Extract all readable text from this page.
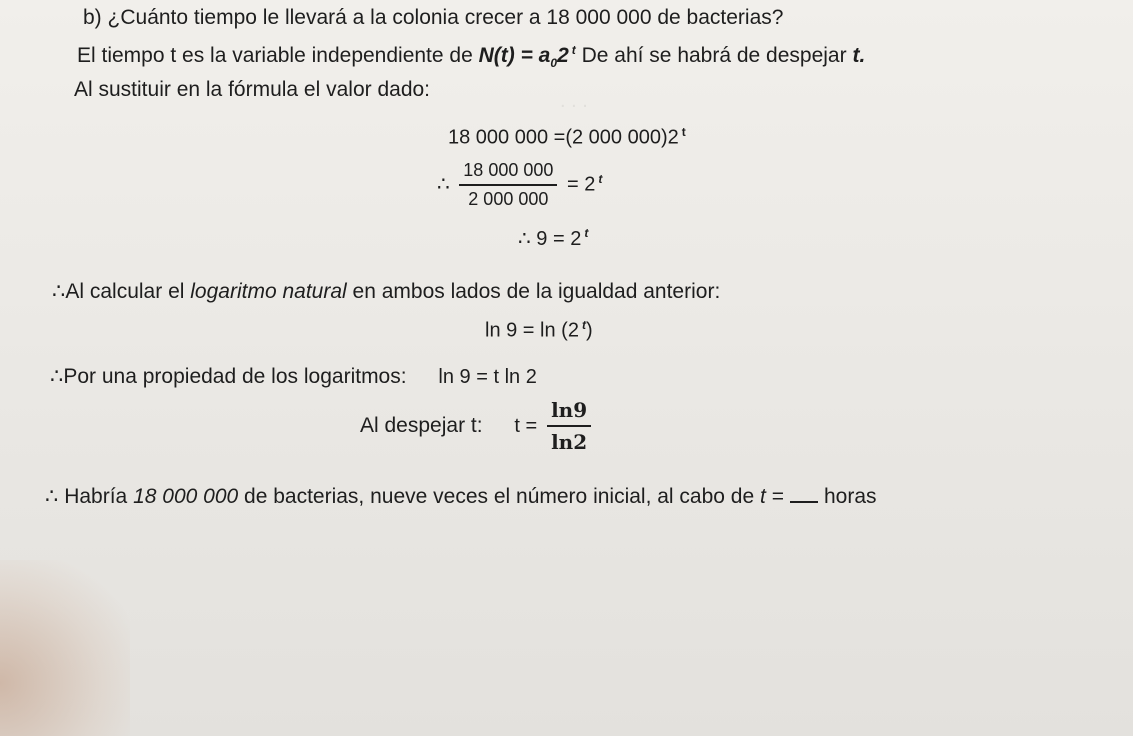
. . .
b) ¿Cuánto tiempo le llevará a la colonia crecer a 18 000 000 de bacterias?
El tiempo t es la variable independiente de $N(t) = a_02$ $^t$ De ahí se habrá de despejar t.
Al sustituir en la fórmula el valor dado:
18 000 000 =(2 000 000)2 $^t$
∴ $\frac{18 000 000}{2 000 000} = 2$ $^t$
∴ 9 = 2 $^t$
∴Al calcular el logaritmo natural en ambos lados de la igualdad anterior:
ln 9 = ln (2 $^t$)
∴Por una propiedad de los logaritmos: ln 9 = t ln 2
Al despejar t: $t = \frac{\ln 9}{\ln 2}$
∴ Habría 18 000 000 de bacterias, nueve veces el número inicial, al cabo de t = horas
